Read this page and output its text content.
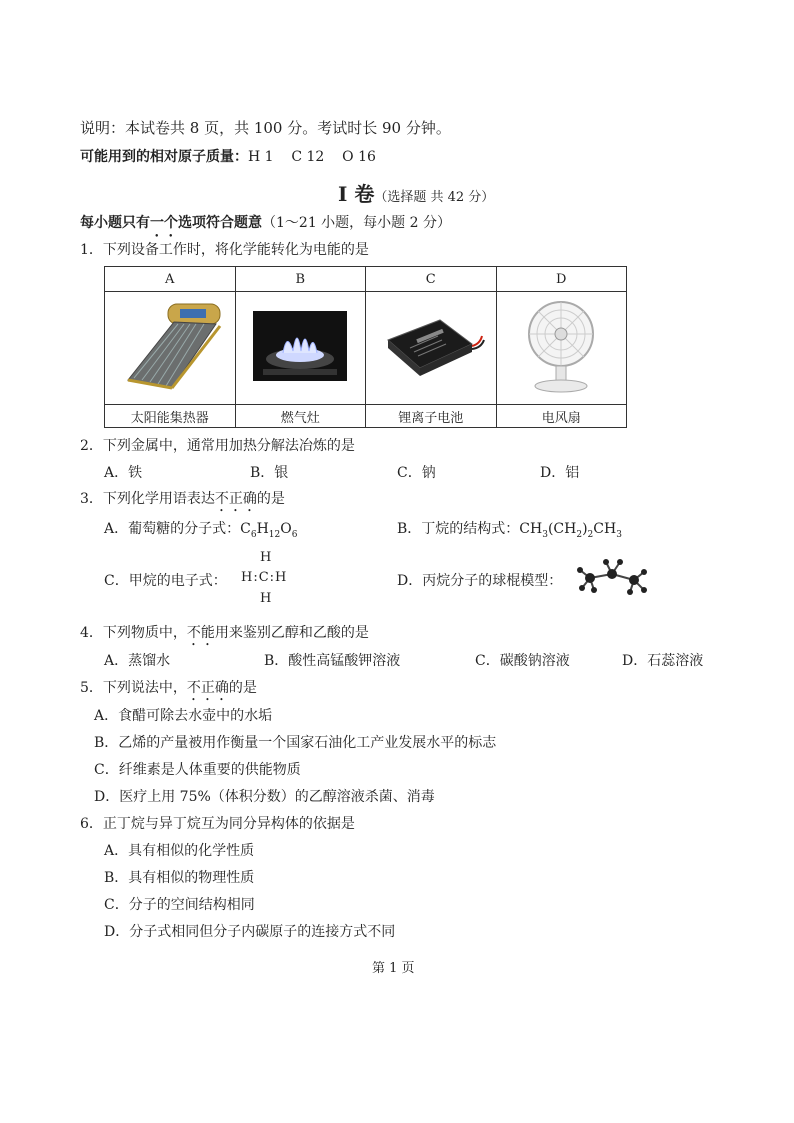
说明：本试卷共 8 页，共 100 分。考试时长 90 分钟。
可能用到的相对原子质量：H 1    C 12    O 16
I 卷（选择题 共 42 分）
每小题只有一个选项符合题意（1～21 小题，每小题 2 分）
1．下列设备工作时，将化学能转化为电能的是
A	B	C	D

太阳能集热器	燃气灶	锂离子电池	电风扇
2．下列金属中，通常用加热分解法冶炼的是
A．铁	B．银	C．钠	D．铝
3．下列化学用语表达不正确的是
A．葡萄糖的分子式：$C_6H_{12}O_6$	B．丁烷的结构式：$CH_3(CH_2)_2CH_3$
C．甲烷的电子式：
H
H:C:H
H
D．丙烷分子的球棍模型：
4．下列物质中，不能用来鉴别乙醇和乙酸的是
A．蒸馏水	B．酸性高锰酸钾溶液	C．碳酸钠溶液	D．石蕊溶液
5．下列说法中，不正确的是
A．食醋可除去水壶中的水垢
B．乙烯的产量被用作衡量一个国家石油化工产业发展水平的标志
C．纤维素是人体重要的供能物质
D．医疗上用 75%（体积分数）的乙醇溶液杀菌、消毒
6．正丁烷与异丁烷互为同分异构体的依据是
A．具有相似的化学性质
B．具有相似的物理性质
C．分子的空间结构相同
D．分子式相同但分子内碳原子的连接方式不同
第 1 页
